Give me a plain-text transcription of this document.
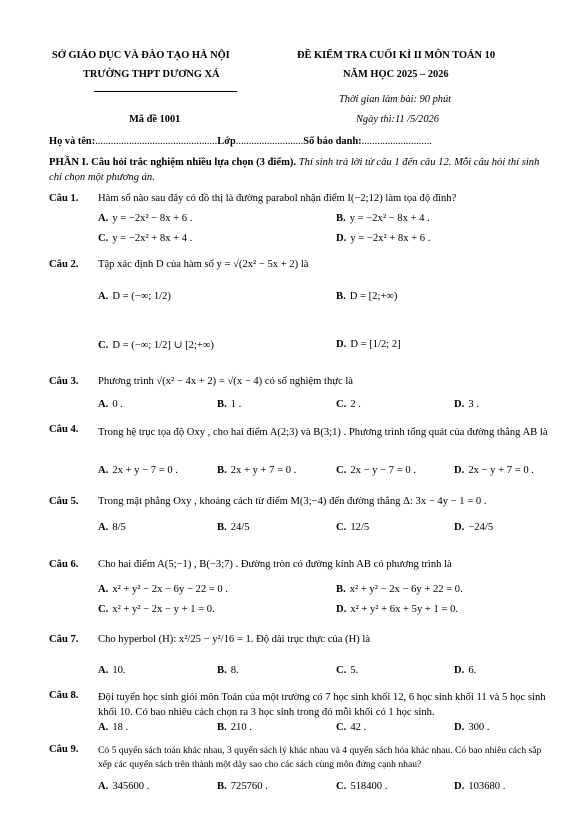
SỞ GIÁO DỤC VÀ ĐÀO TẠO HÀ NỘI
TRƯỜNG THPT DƯƠNG XÁ
ĐỀ KIỂM TRA CUỐI KÌ II MÔN TOÁN 10
NĂM HỌC 2025 – 2026
Thời gian làm bài: 90 phút
Ngày thi:11 /5/2026
Mã đề 1001
Họ và tên:...............................................Lớp..........................Số báo danh:...........................
PHẦN I. Câu hỏi trắc nghiệm nhiều lựa chọn (3 điểm). Thí sinh trả lời từ câu 1 đến câu 12. Mỗi câu hỏi thí sinh chỉ chọn một phương án.
Câu 1. Hàm số nào sau đây có đồ thị là đường parabol nhận điểm I(−2;12) làm tọa độ đỉnh?
A. y = −2x² − 8x + 6 .	B. y = −2x² − 8x + 4 .
C. y = −2x² + 8x + 4 .	D. y = −2x² + 8x + 6 .
Câu 2. Tập xác định D của hàm số y = √(2x² − 5x + 2) là
A. D = (−∞; 1/2)	B. D = [2;+∞)
C. D = (−∞; 1/2] ∪ [2;+∞)	D. D = [1/2; 2]
Câu 3. Phương trình √(x² − 4x + 2) = √(x − 4) có số nghiệm thực là
A. 0 .	B. 1 .	C. 2 .	D. 3 .
Câu 4. Trong hệ trục tọa độ Oxy , cho hai điểm A(2;3) và B(3;1) . Phương trình tổng quát của đường thẳng AB là
A. 2x + y − 7 = 0 .	B. 2x + y + 7 = 0 .	C. 2x − y − 7 = 0 .	D. 2x − y + 7 = 0 .
Câu 5. Trong mặt phẳng Oxy , khoảng cách từ điểm M(3;−4) đến đường thẳng Δ: 3x − 4y − 1 = 0 .
A. 8/5	B. 24/5	C. 12/5	D. −24/5
Câu 6. Cho hai điểm A(5;−1) , B(−3;7) . Đường tròn có đường kính AB có phương trình là
A. x² + y² − 2x − 6y − 22 = 0 .	B. x² + y² − 2x − 6y + 22 = 0.
C. x² + y² − 2x − y + 1 = 0.	D. x² + y² + 6x + 5y + 1 = 0.
Câu 7. Cho hyperbol (H): x²/25 − y²/16 = 1. Độ dài trục thực của (H) là
A. 10.	B. 8.	C. 5.	D. 6.
Câu 8. Đội tuyển học sinh giỏi môn Toán của một trường có 7 học sinh khối 12, 6 học sinh khối 11 và 5 học sinh khối 10. Có bao nhiêu cách chọn ra 3 học sinh trong đó mỗi khối có 1 học sinh.
A. 18 .	B. 210 .	C. 42 .	D. 300 .
Câu 9. Có 5 quyển sách toán khác nhau, 3 quyển sách lý khác nhau và 4 quyển sách hóa khác nhau. Có bao nhiêu cách sắp xếp các quyển sách trên thành một dãy sao cho các sách cùng môn đứng cạnh nhau?
A. 345600 .	B. 725760 .	C. 518400 .	D. 103680 .
